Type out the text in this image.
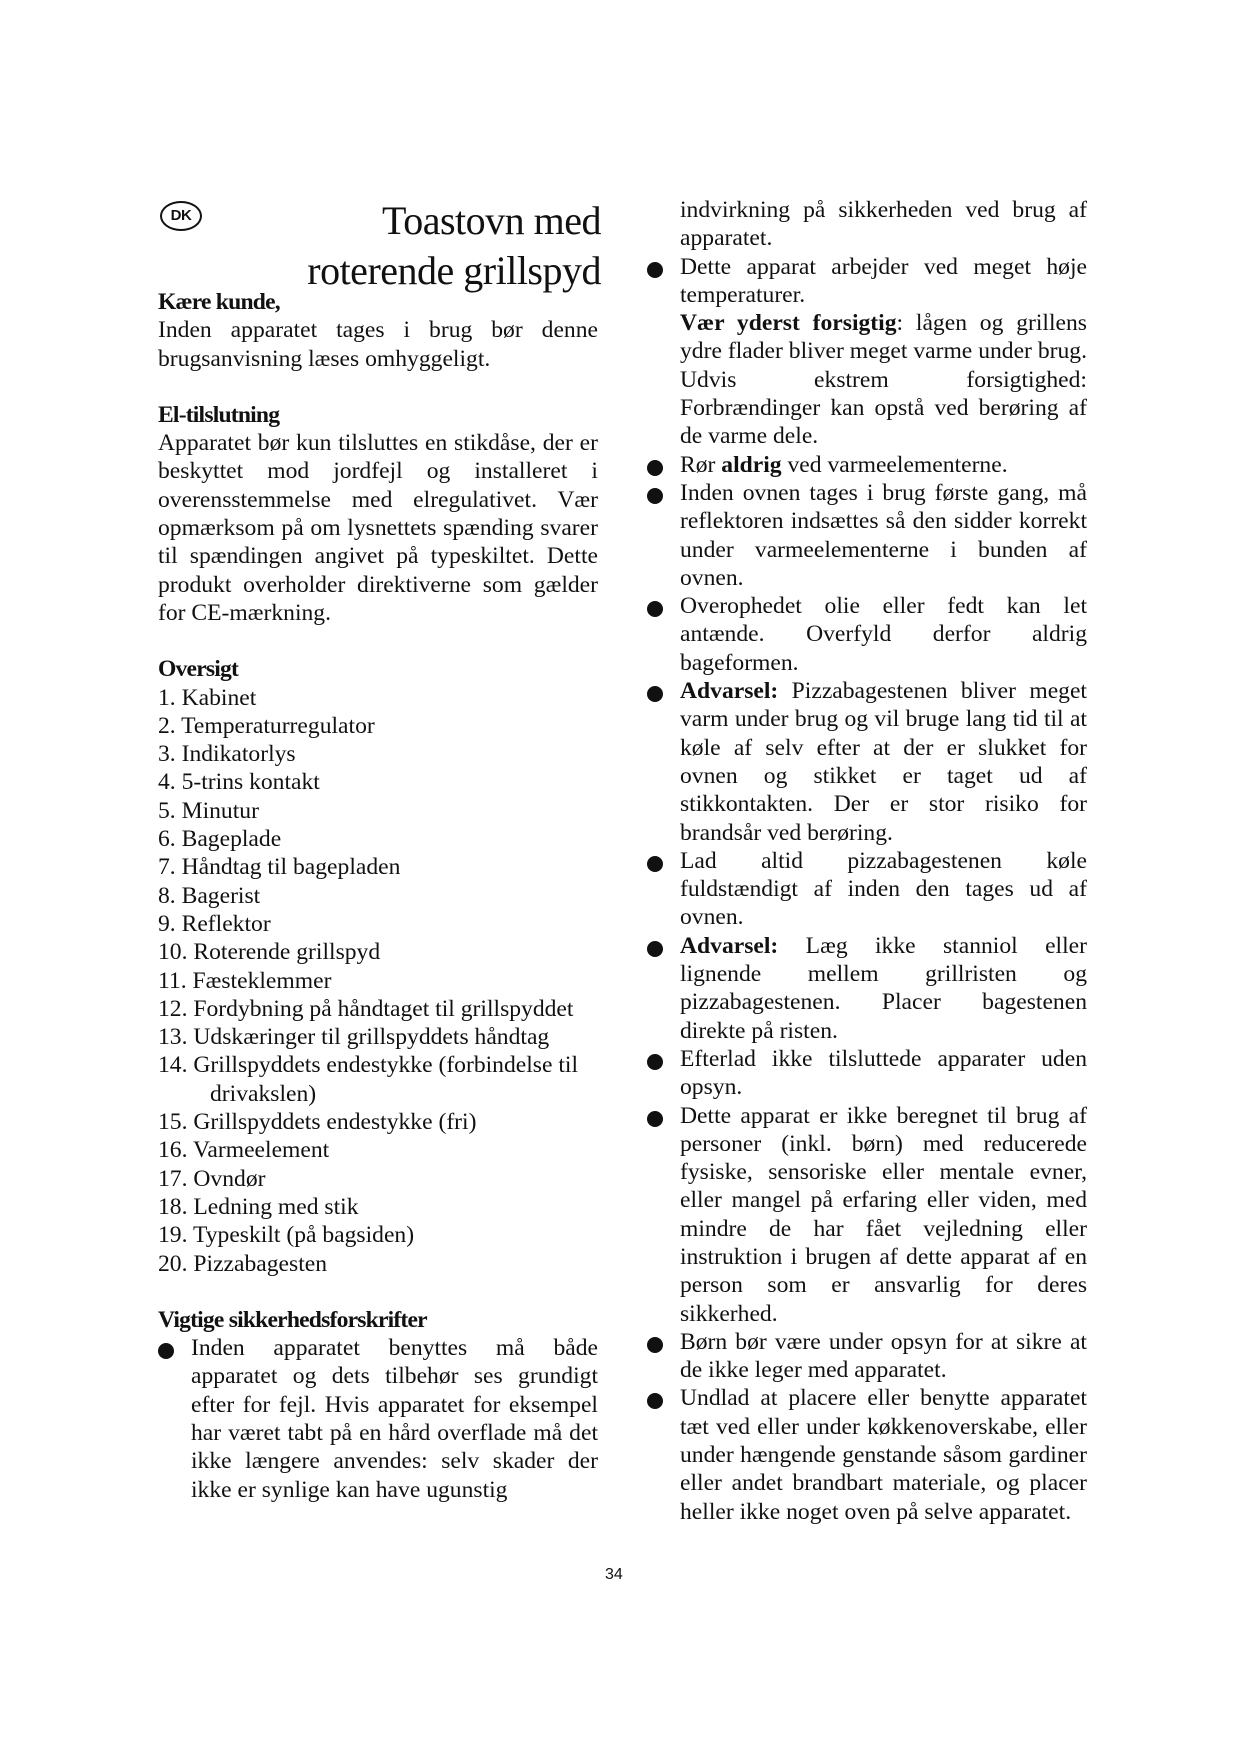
DK	Toastovn med
roterende grillspyd
Kære kunde,
Inden apparatet tages i brug bør denne brugsanvisning læses omhyggeligt.
El-tilslutning
Apparatet bør kun tilsluttes en stikdåse, der er beskyttet mod jordfejl og installeret i overensstemmelse med elregulativet. Vær opmærksom på om lysnettets spænding svarer til spændingen angivet på typeskiltet. Dette produkt overholder direktiverne som gælder for CE-mærkning.
Oversigt
1. Kabinet
2. Temperaturregulator
3. Indikatorlys
4. 5-trins kontakt
5. Minutur
6. Bageplade
7. Håndtag til bagepladen
8. Bagerist
9. Reflektor
10. Roterende grillspyd
11. Fæsteklemmer
12. Fordybning på håndtaget til grillspyddet
13. Udskæringer til grillspyddets håndtag
14. Grillspyddets endestykke (forbindelse til drivakslen)
15. Grillspyddets endestykke (fri)
16. Varmeelement
17. Ovndør
18. Ledning med stik
19. Typeskilt (på bagsiden)
20. Pizzabagesten
Vigtige sikkerhedsforskrifter
Inden apparatet benyttes må både apparatet og dets tilbehør ses grundigt efter for fejl. Hvis apparatet for eksempel har været tabt på en hård overflade må det ikke længere anvendes: selv skader der ikke er synlige kan have ugunstig
indvirkning på sikkerheden ved brug af apparatet.
Dette apparat arbejder ved meget høje temperaturer.
Vær yderst forsigtig: lågen og grillens ydre flader bliver meget varme under brug. Udvis ekstrem forsigtighed: Forbrændinger kan opstå ved berøring af de varme dele.
Rør aldrig ved varmeelementerne.
Inden ovnen tages i brug første gang, må reflektoren indsættes så den sidder korrekt under varmeelementerne i bunden af ovnen.
Overophedet olie eller fedt kan let antænde. Overfyld derfor aldrig bageformen.
Advarsel: Pizzabagestenen bliver meget varm under brug og vil bruge lang tid til at køle af selv efter at der er slukket for ovnen og stikket er taget ud af stikkontakten. Der er stor risiko for brandsår ved berøring.
Lad altid pizzabagestenen køle fuldstændigt af inden den tages ud af ovnen.
Advarsel: Læg ikke stanniol eller lignende mellem grillristen og pizzabagestenen. Placer bagestenen direkte på risten.
Efterlad ikke tilsluttede apparater uden opsyn.
Dette apparat er ikke beregnet til brug af personer (inkl. børn) med reducerede fysiske, sensoriske eller mentale evner, eller mangel på erfaring eller viden, med mindre de har fået vejledning eller instruktion i brugen af dette apparat af en person som er ansvarlig for deres sikkerhed.
Børn bør være under opsyn for at sikre at de ikke leger med apparatet.
Undlad at placere eller benytte apparatet tæt ved eller under køkkenoverskabe, eller under hængende genstande såsom gardiner eller andet brandbart materiale, og placer heller ikke noget oven på selve apparatet.
34
